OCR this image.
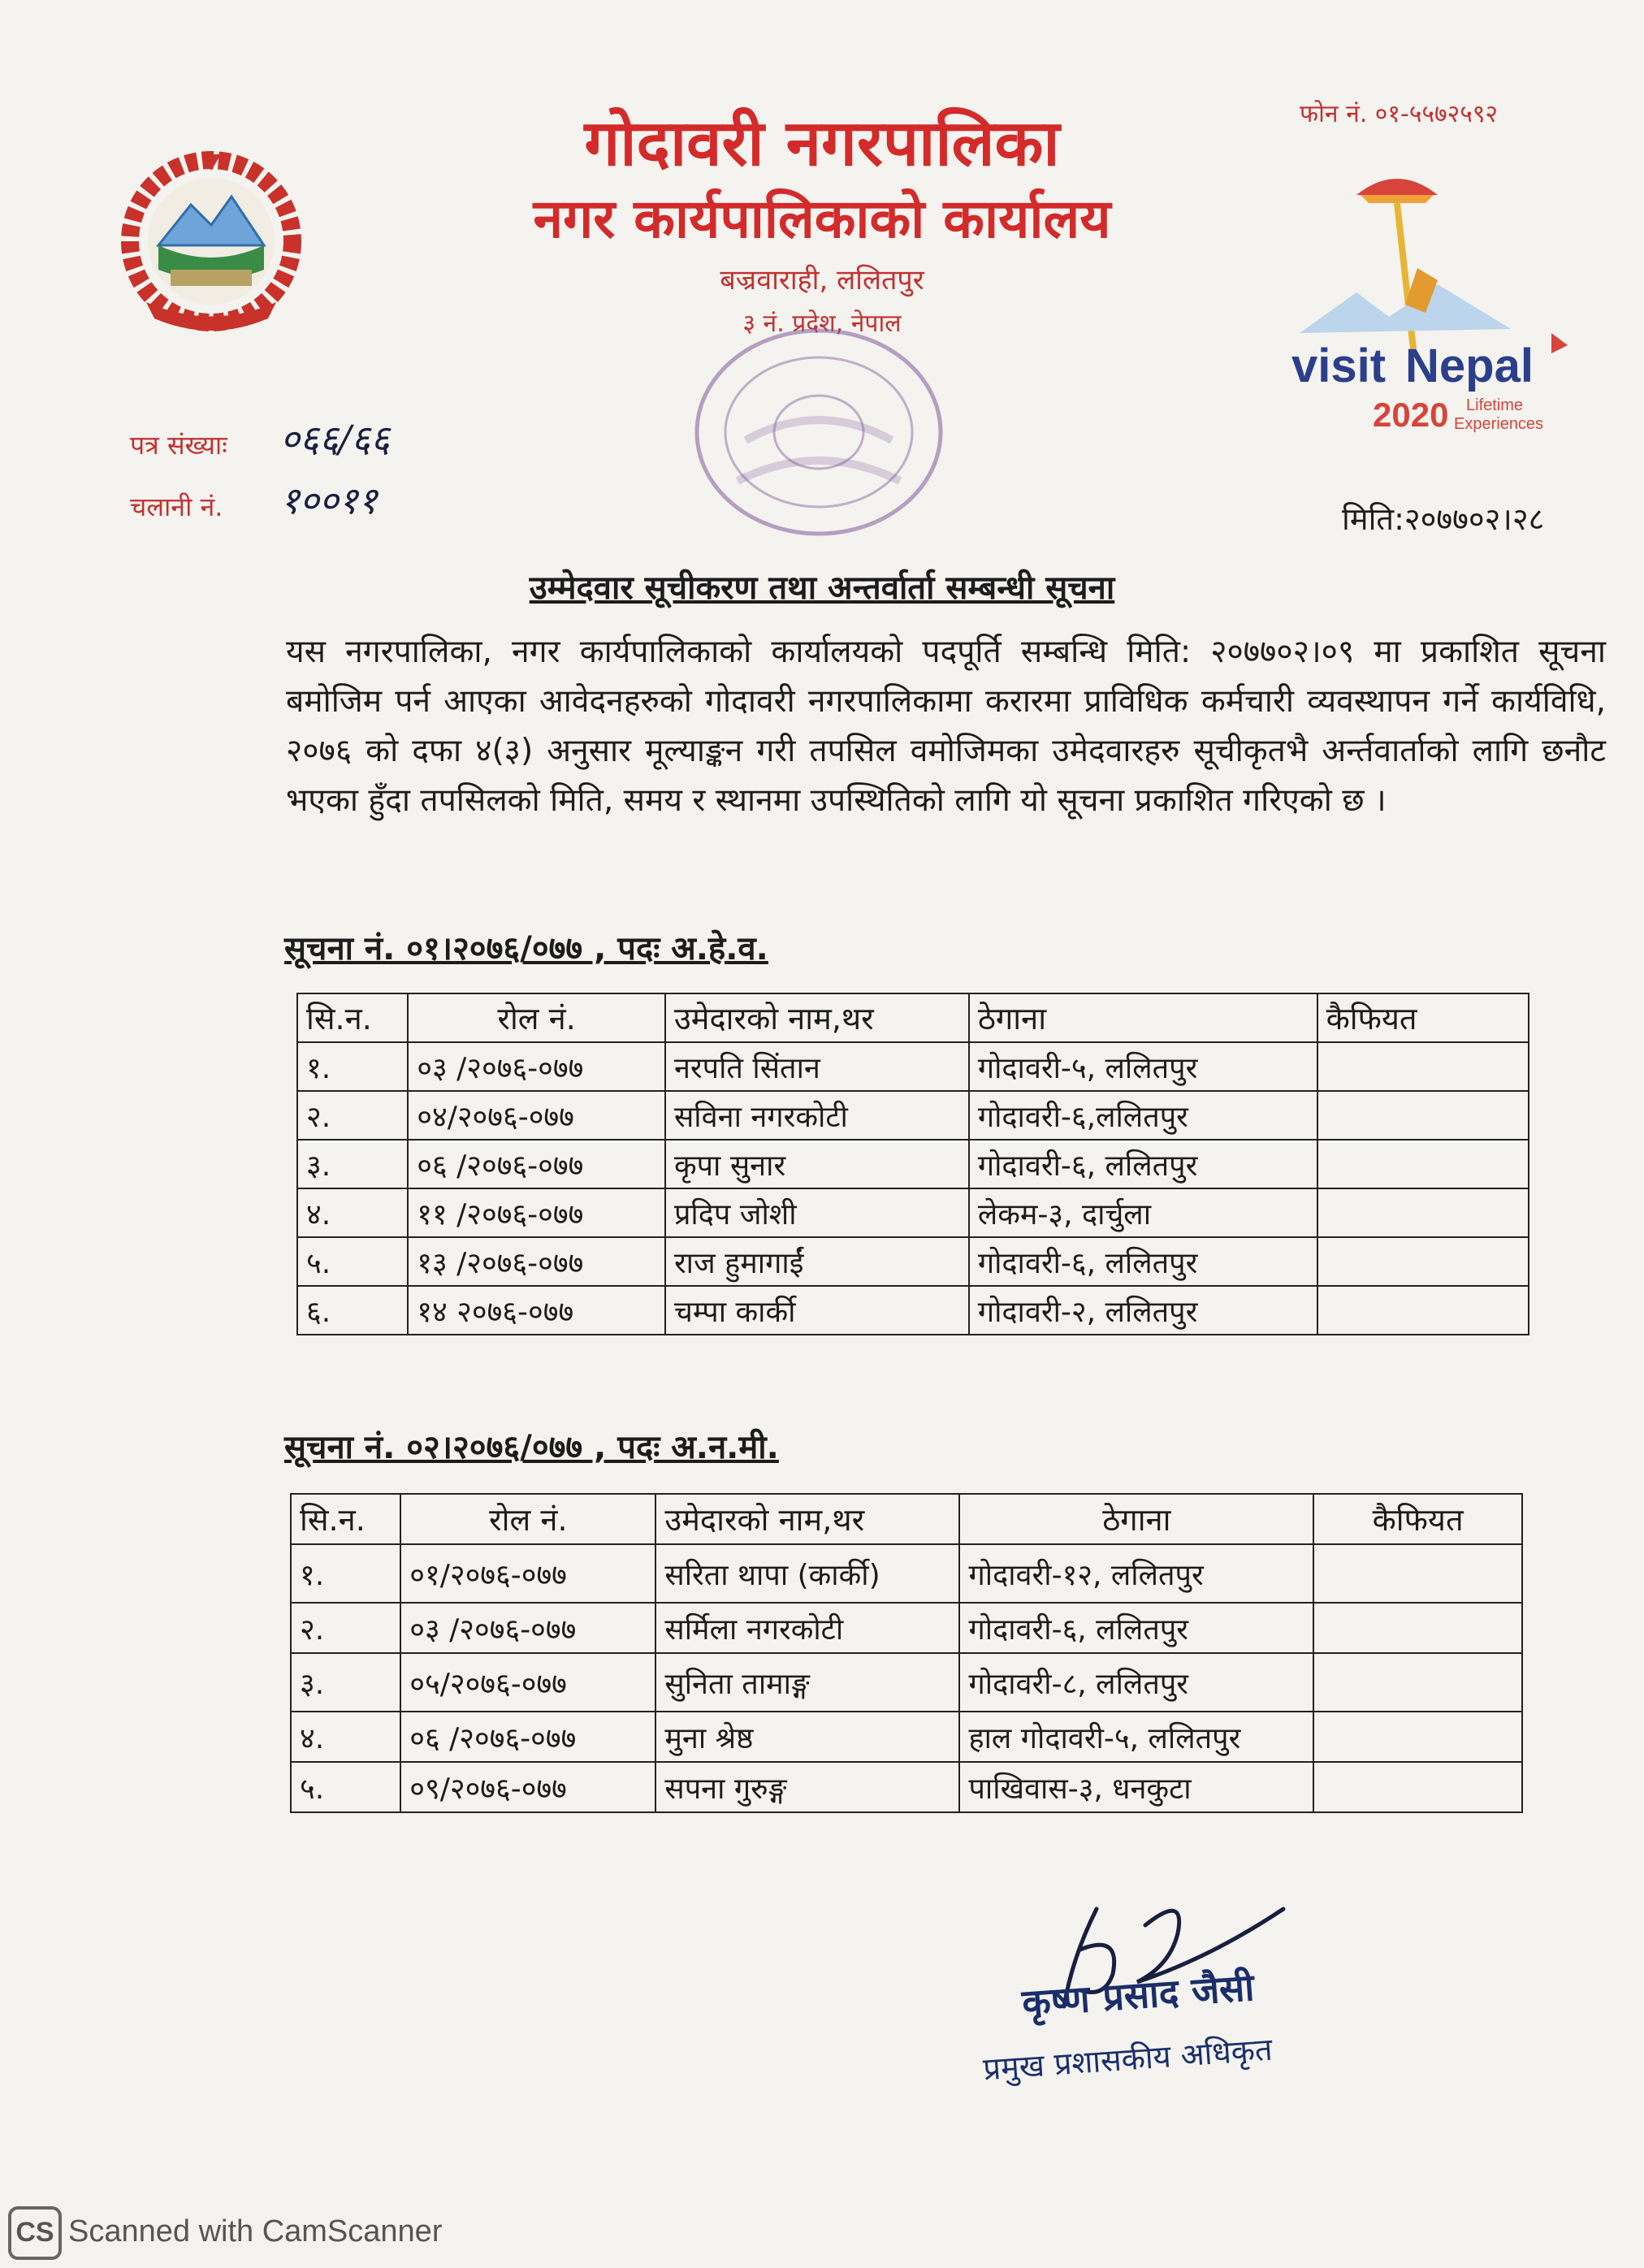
गोदावरी नगरपालिका
नगर कार्यपालिकाको कार्यालय
बज्रवाराही, ललितपुर
३ नं. प्रदेश, नेपाल
फोन नं. ०१-५५७२५९२
visit Nepal
2020 Lifetime
Experiences
पत्र संख्याः ०६६/६६
चलानी नं. १००११	मिति:२०७७०२।२८
उम्मेदवार सूचीकरण तथा अन्तर्वार्ता सम्बन्धी सूचना
यस नगरपालिका, नगर कार्यपालिकाको कार्यालयको पदपूर्ति सम्बन्धि मिति: २०७७०२।०९ मा प्रकाशित सूचना बमोजिम पर्न आएका आवेदनहरुको गोदावरी नगरपालिकामा करारमा प्राविधिक कर्मचारी व्यवस्थापन गर्ने कार्यविधि, २०७६ को दफा ४(३) अनुसार मूल्याङ्कन गरी तपसिल वमोजिमका उमेदवारहरु सूचीकृतभै अर्न्तवार्ताको लागि छनौट भएका हुँदा तपसिलको मिति, समय र स्थानमा उपस्थितिको लागि यो सूचना प्रकाशित गरिएको छ ।
सूचना नं. ०१।२०७६/०७७ , पदः अ.हे.व.
सि.न.	रोल नं.	उमेदारको नाम,थर	ठेगाना	कैफियत
१.	०३ /२०७६-०७७	नरपति सिंतान	गोदावरी-५, ललितपुर	
२.	०४/२०७६-०७७	सविना नगरकोटी	गोदावरी-६,ललितपुर	
३.	०६ /२०७६-०७७	कृपा सुनार	गोदावरी-६, ललितपुर	
४.	११ /२०७६-०७७	प्रदिप जोशी	लेकम-३, दार्चुला	
५.	१३ /२०७६-०७७	राज हुमागाईं	गोदावरी-६, ललितपुर	
६.	१४ २०७६-०७७	चम्पा कार्की	गोदावरी-२, ललितपुर	
सूचना नं. ०२।२०७६/०७७ , पदः अ.न.मी.
सि.न.	रोल नं.	उमेदारको नाम,थर	ठेगाना	कैफियत
१.	०१/२०७६-०७७	सरिता थापा (कार्की)	गोदावरी-१२, ललितपुर	
२.	०३ /२०७६-०७७	सर्मिला नगरकोटी	गोदावरी-६, ललितपुर	
३.	०५/२०७६-०७७	सुनिता तामाङ्ग	गोदावरी-८, ललितपुर	
४.	०६ /२०७६-०७७	मुना श्रेष्ठ	हाल गोदावरी-५, ललितपुर	
५.	०९/२०७६-०७७	सपना गुरुङ्ग	पाखिवास-३, धनकुटा	
कृष्ण प्रसाद जैसी
प्रमुख प्रशासकीय अधिकृत
CS Scanned with CamScanner
